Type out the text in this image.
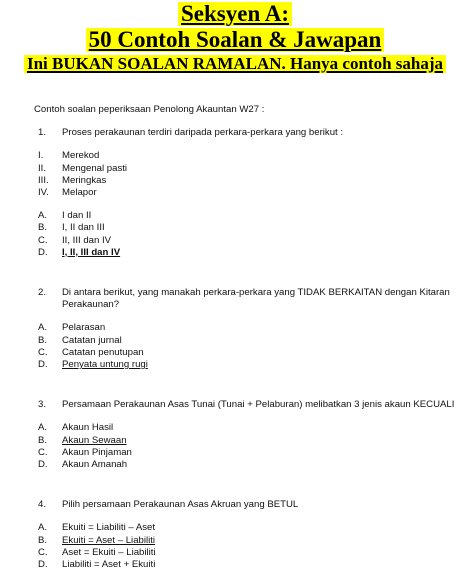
Seksyen A:
50 Contoh Soalan & Jawapan
Ini BUKAN SOALAN RAMALAN. Hanya contoh sahaja
Contoh soalan peperiksaan Penolong Akauntan W27 :
1.	Proses perakaunan terdiri daripada perkara-perkara yang berikut :
I.	Merekod
II.	Mengenal pasti
III.	Meringkas
IV.	Melapor
A.	I dan II
B.	I, II dan III
C.	II, III dan IV
D.	I, II, III dan IV
2.	Di antara berikut, yang manakah perkara-perkara yang TIDAK BERKAITAN dengan Kitaran Perakaunan?
A.	Pelarasan
B.	Catatan jurnal
C.	Catatan penutupan
D.	Penyata untung rugi
3.	Persamaan Perakaunan Asas Tunai (Tunai + Pelaburan) melibatkan 3 jenis akaun KECUALI
A.	Akaun Hasil
B.	Akaun Sewaan
C.	Akaun Pinjaman
D.	Akaun Amanah
4.	Pilih persamaan Perakaunan Asas Akruan yang BETUL
A.	Ekuiti = Liabiliti – Aset
B.	Ekuiti = Aset – Liabiliti
C.	Aset = Ekuiti – Liabiliti
D.	Liabiliti = Aset + Ekuiti
